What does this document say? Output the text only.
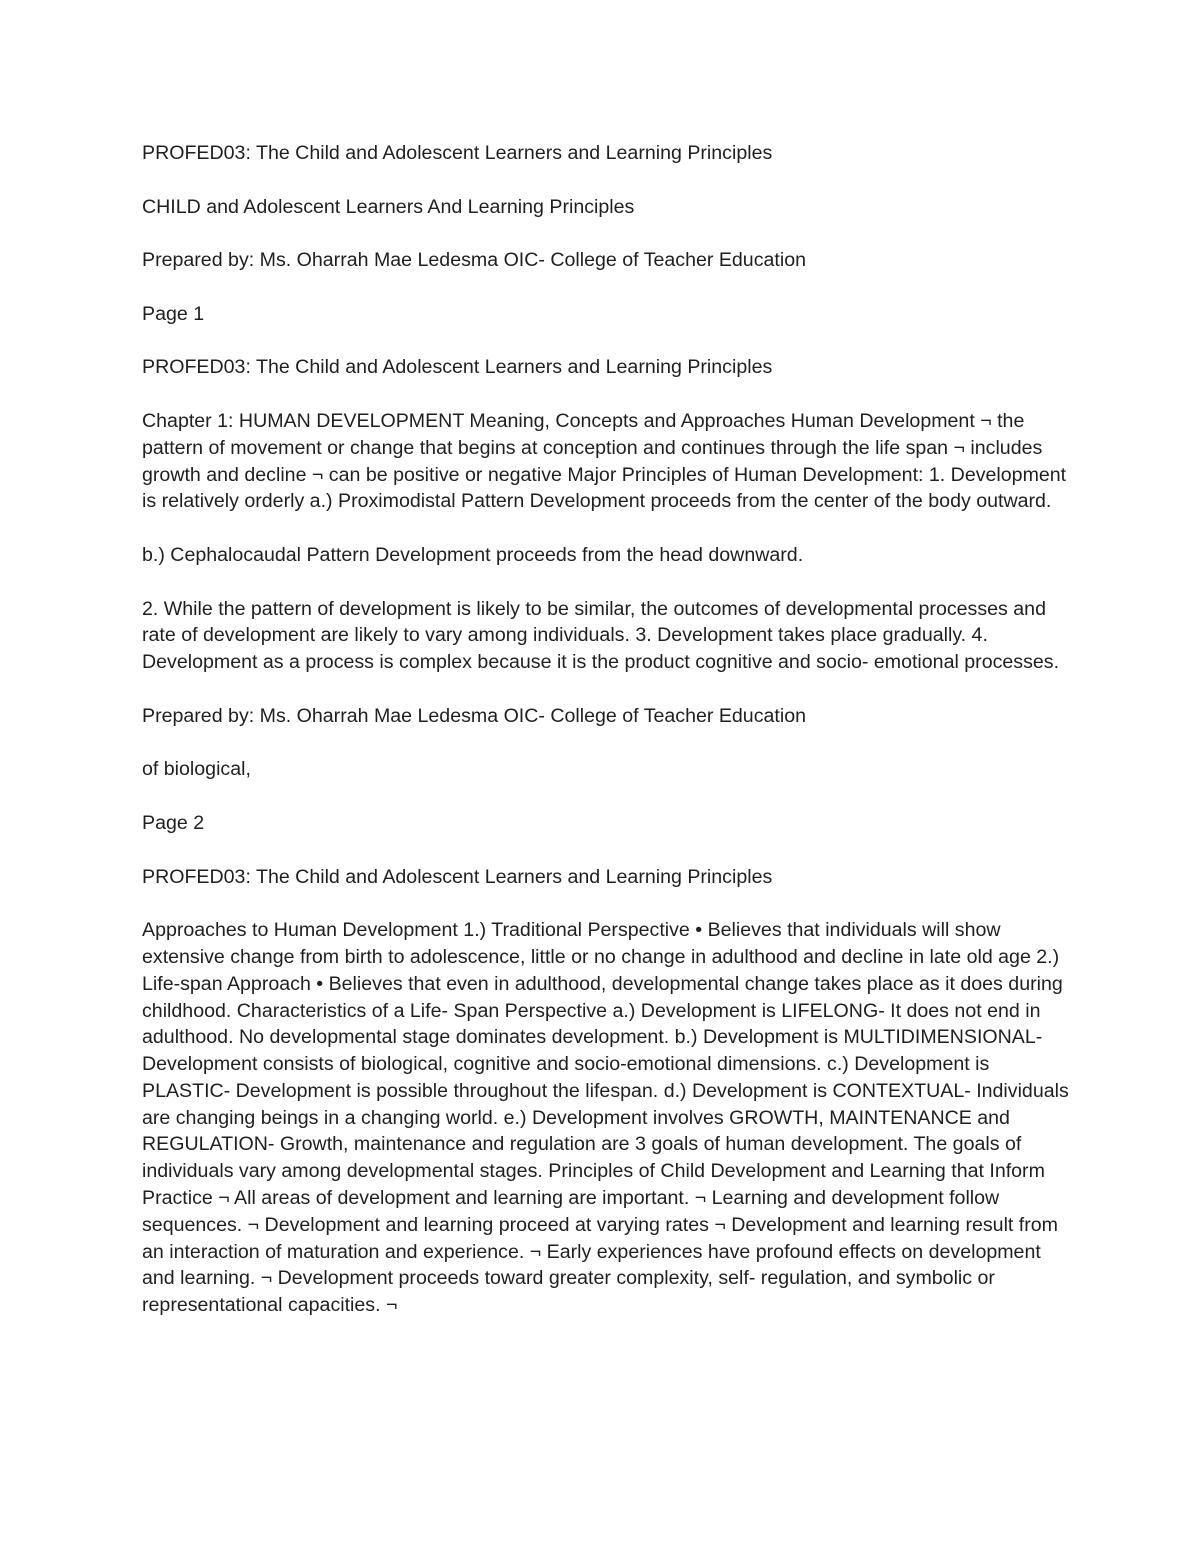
PROFED03: The Child and Adolescent Learners and Learning Principles

CHILD and Adolescent Learners And Learning Principles

Prepared by: Ms. Oharrah Mae Ledesma OIC- College of Teacher Education

Page 1

PROFED03: The Child and Adolescent Learners and Learning Principles

Chapter 1: HUMAN DEVELOPMENT Meaning, Concepts and Approaches Human Development ¬ the pattern of movement or change that begins at conception and continues through the life span ¬ includes growth and decline ¬ can be positive or negative Major Principles of Human Development: 1. Development is relatively orderly a.) Proximodistal Pattern Development proceeds from the center of the body outward.

b.) Cephalocaudal Pattern Development proceeds from the head downward.

2. While the pattern of development is likely to be similar, the outcomes of developmental processes and rate of development are likely to vary among individuals. 3. Development takes place gradually. 4. Development as a process is complex because it is the product cognitive and socio- emotional processes.

Prepared by: Ms. Oharrah Mae Ledesma OIC- College of Teacher Education

of biological,

Page 2

PROFED03: The Child and Adolescent Learners and Learning Principles

Approaches to Human Development 1.) Traditional Perspective • Believes that individuals will show extensive change from birth to adolescence, little or no change in adulthood and decline in late old age 2.) Life-span Approach • Believes that even in adulthood, developmental change takes place as it does during childhood. Characteristics of a Life- Span Perspective a.) Development is LIFELONG- It does not end in adulthood. No developmental stage dominates development. b.) Development is MULTIDIMENSIONAL- Development consists of biological, cognitive and socio-emotional dimensions. c.) Development is PLASTIC- Development is possible throughout the lifespan. d.) Development is CONTEXTUAL- Individuals are changing beings in a changing world. e.) Development involves GROWTH, MAINTENANCE and REGULATION- Growth, maintenance and regulation are 3 goals of human development. The goals of individuals vary among developmental stages. Principles of Child Development and Learning that Inform Practice ¬ All areas of development and learning are important. ¬ Learning and development follow sequences. ¬ Development and learning proceed at varying rates ¬ Development and learning result from an interaction of maturation and experience. ¬ Early experiences have profound effects on development and learning. ¬ Development proceeds toward greater complexity, self- regulation, and symbolic or representational capacities. ¬
